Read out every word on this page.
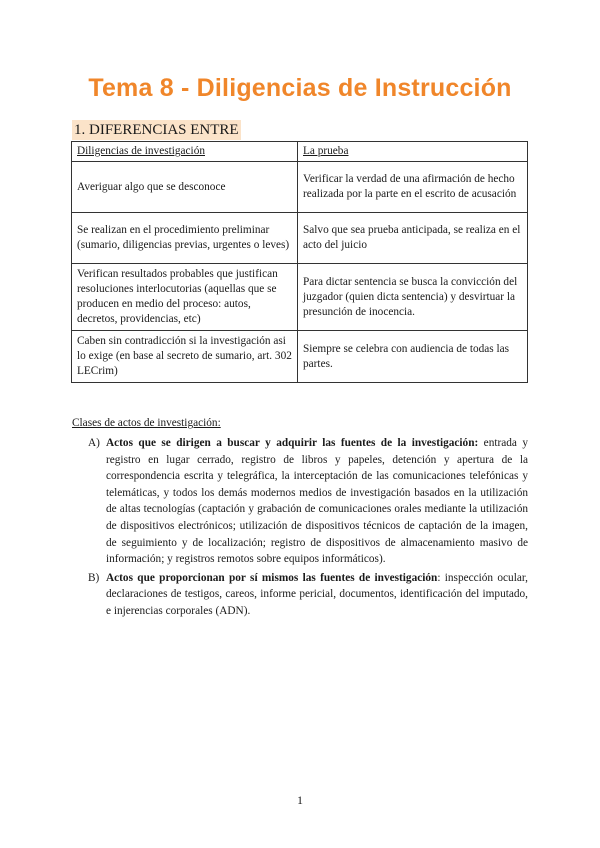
Tema 8 - Diligencias de Instrucción
1. DIFERENCIAS ENTRE
Diligencias de investigación	La prueba
Averiguar algo que se desconoce	Verificar la verdad de una afirmación de hecho realizada por la parte en el escrito de acusación
Se realizan en el procedimiento preliminar (sumario, diligencias previas, urgentes o leves)	Salvo que sea prueba anticipada, se realiza en el acto del juicio
Verifican resultados probables que justifican resoluciones interlocutorias (aquellas que se producen en medio del proceso: autos, decretos, providencias, etc)	Para dictar sentencia se busca la convicción del juzgador (quien dicta sentencia) y desvirtuar la presunción de inocencia.
Caben sin contradicción si la investigación asi lo exige (en base al secreto de sumario, art. 302 LECrim)	Siempre se celebra con audiencia de todas las partes.
Clases de actos de investigación:
A) Actos que se dirigen a buscar y adquirir las fuentes de la investigación: entrada y registro en lugar cerrado, registro de libros y papeles, detención y apertura de la correspondencia escrita y telegráfica, la interceptación de las comunicaciones telefónicas y telemáticas, y todos los demás modernos medios de investigación basados en la utilización de altas tecnologías (captación y grabación de comunicaciones orales mediante la utilización de dispositivos electrónicos; utilización de dispositivos técnicos de captación de la imagen, de seguimiento y de localización; registro de dispositivos de almacenamiento masivo de información; y registros remotos sobre equipos informáticos).
B) Actos que proporcionan por sí mismos las fuentes de investigación: inspección ocular, declaraciones de testigos, careos, informe pericial, documentos, identificación del imputado, e injerencias corporales (ADN).
1
